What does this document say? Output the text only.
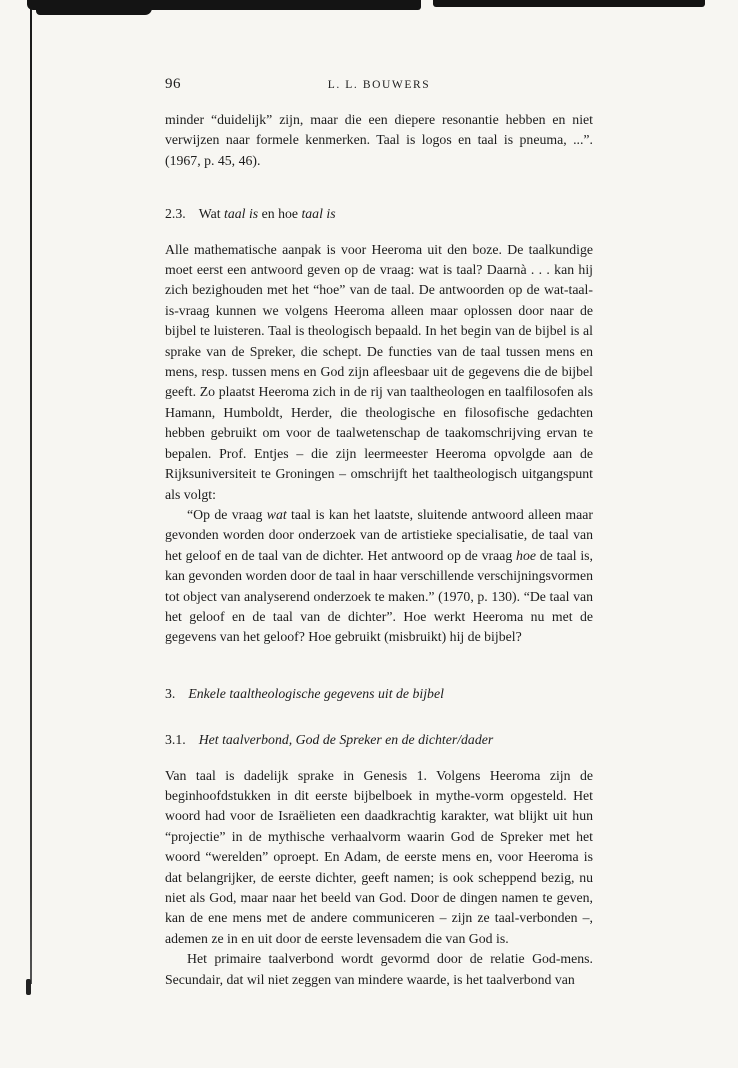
96	L. L. BOUWERS

minder “duidelijk” zijn, maar die een diepere resonantie hebben en niet verwijzen naar formele kenmerken. Taal is logos en taal is pneuma, ...”. (1967, p. 45, 46).

2.3. Wat taal is en hoe taal is

Alle mathematische aanpak is voor Heeroma uit den boze. De taalkundige moet eerst een antwoord geven op de vraag: wat is taal? Daarnà . . . kan hij zich bezighouden met het “hoe” van de taal. De antwoorden op de wat-taal-is-vraag kunnen we volgens Heeroma alleen maar oplossen door naar de bijbel te luisteren. Taal is theologisch bepaald. In het begin van de bijbel is al sprake van de Spreker, die schept. De functies van de taal tussen mens en mens, resp. tussen mens en God zijn afleesbaar uit de gegevens die de bijbel geeft. Zo plaatst Heeroma zich in de rij van taaltheologen en taalfilosofen als Hamann, Humboldt, Herder, die theologische en filosofische gedachten hebben gebruikt om voor de taalwetenschap de taakomschrijving ervan te bepalen. Prof. Entjes – die zijn leermeester Heeroma opvolgde aan de Rijksuniversiteit te Groningen – omschrijft het taaltheologisch uitgangspunt als volgt:

“Op de vraag wat taal is kan het laatste, sluitende antwoord alleen maar gevonden worden door onderzoek van de artistieke specialisatie, de taal van het geloof en de taal van de dichter. Het antwoord op de vraag hoe de taal is, kan gevonden worden door de taal in haar verschillende verschijningsvormen tot object van analyserend onderzoek te maken.” (1970, p. 130). “De taal van het geloof en de taal van de dichter”. Hoe werkt Heeroma nu met de gegevens van het geloof? Hoe gebruikt (misbruikt) hij de bijbel?

3. Enkele taaltheologische gegevens uit de bijbel
3.1. Het taalverbond, God de Spreker en de dichter/dader

Van taal is dadelijk sprake in Genesis 1. Volgens Heeroma zijn de beginhoofdstukken in dit eerste bijbelboek in mythe-vorm opgesteld. Het woord had voor de Israëlieten een daadkrachtig karakter, wat blijkt uit hun “projectie” in de mythische verhaalvorm waarin God de Spreker met het woord “werelden” oproept. En Adam, de eerste mens en, voor Heeroma is dat belangrijker, de eerste dichter, geeft namen; is ook scheppend bezig, nu niet als God, maar naar het beeld van God. Door de dingen namen te geven, kan de ene mens met de andere communiceren – zijn ze taal-verbonden –, ademen ze in en uit door de eerste levensadem die van God is.

Het primaire taalverbond wordt gevormd door de relatie God-mens. Secundair, dat wil niet zeggen van mindere waarde, is het taalverbond van
